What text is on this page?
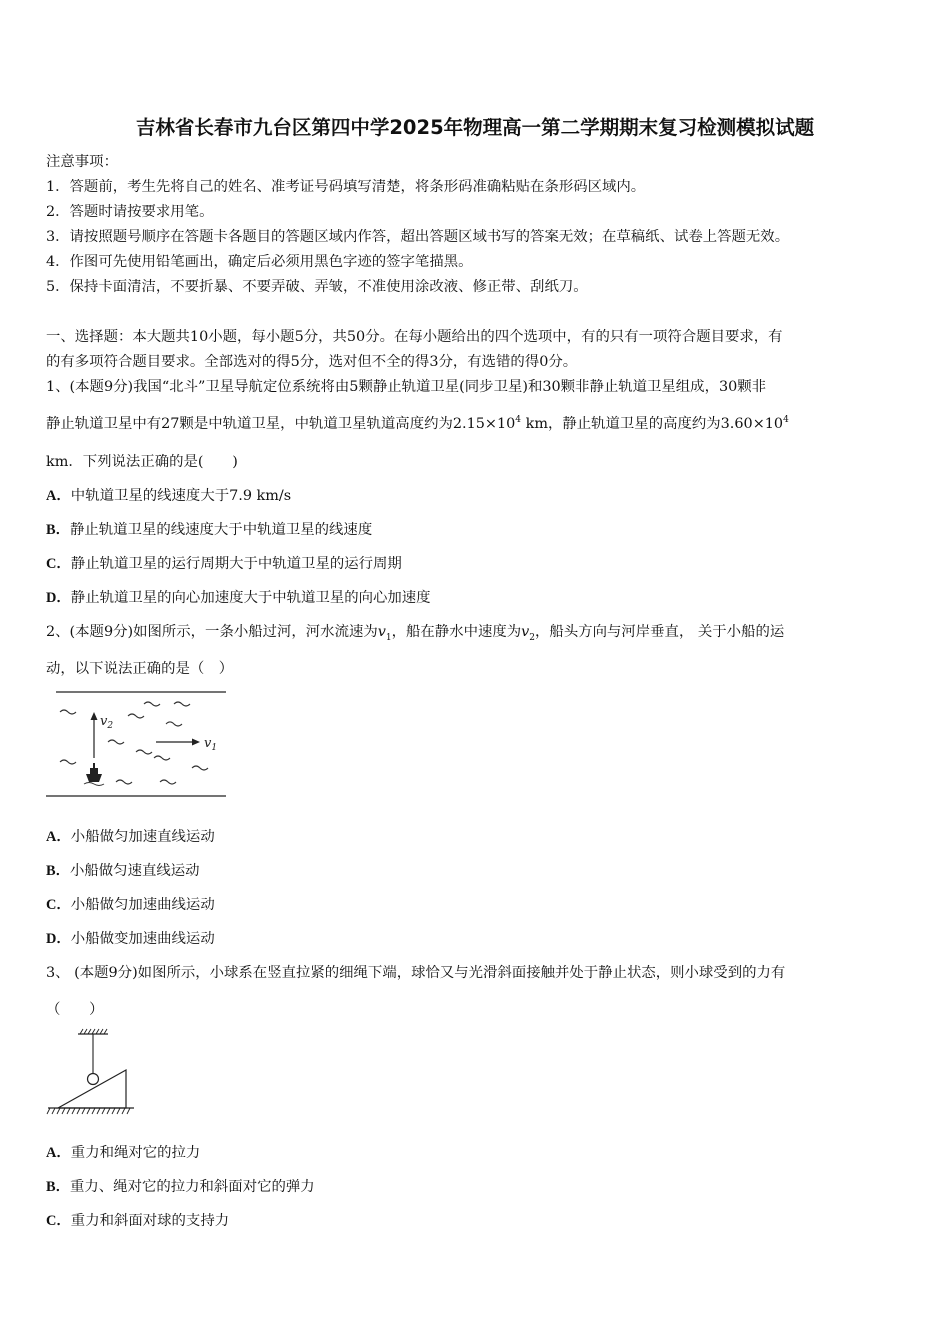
吉林省长春市九台区第四中学2025年物理高一第二学期期末复习检测模拟试题
注意事项：
1．答题前，考生先将自己的姓名、准考证号码填写清楚，将条形码准确粘贴在条形码区域内。
2．答题时请按要求用笔。
3．请按照题号顺序在答题卡各题目的答题区域内作答，超出答题区域书写的答案无效；在草稿纸、试卷上答题无效。
4．作图可先使用铅笔画出，确定后必须用黑色字迹的签字笔描黑。
5．保持卡面清洁，不要折暴、不要弄破、弄皱，不准使用涂改液、修正带、刮纸刀。
一、选择题：本大题共10小题，每小题5分，共50分。在每小题给出的四个选项中，有的只有一项符合题目要求，有
的有多项符合题目要求。全部选对的得5分，选对但不全的得3分，有选错的得0分。
1、(本题9分)我国“北斗”卫星导航定位系统将由5颗静止轨道卫星(同步卫星)和30颗非静止轨道卫星组成，30颗非
静止轨道卫星中有27颗是中轨道卫星，中轨道卫星轨道高度约为$2.15\times 10^4$ km，静止轨道卫星的高度约为$3.60\times 10^4$
km．下列说法正确的是(　　)
A．中轨道卫星的线速度大于7.9 km/s
B．静止轨道卫星的线速度大于中轨道卫星的线速度
C．静止轨道卫星的运行周期大于中轨道卫星的运行周期
D．静止轨道卫星的向心加速度大于中轨道卫星的向心加速度
2、(本题9分)如图所示，一条小船过河，河水流速为$v_1$，船在静水中速度为$v_2$，船头方向与河岸垂直， 关于小船的运
动，以下说法正确的是（　）
$v_2$
$v_1$
A．小船做匀加速直线运动
B．小船做匀速直线运动
C．小船做匀加速曲线运动
D．小船做变加速曲线运动
3、 (本题9分)如图所示，小球系在竖直拉紧的细绳下端，球恰又与光滑斜面接触并处于静止状态，则小球受到的力有
（　　）
A．重力和绳对它的拉力
B．重力、绳对它的拉力和斜面对它的弹力
C．重力和斜面对球的支持力
